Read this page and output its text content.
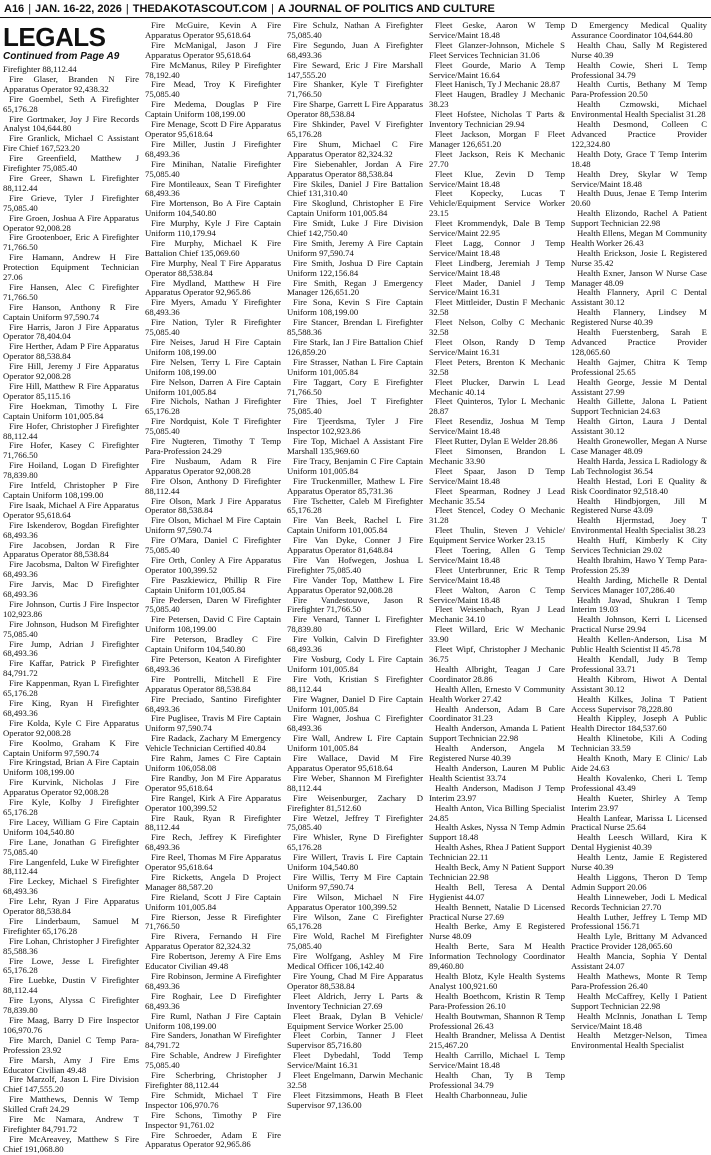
A16 | JAN. 16-22, 2026 | THEDAKOTASCOUT.COM | A JOURNAL OF POLITICS AND CULTURE
LEGALS
Continued from Page A9

Firefighter 88,112.44

Fire Glaser, Branden N Fire Apparatus Operator 92,438.32

Fire Goembel, Seth A Firefighter 65,176.28

Fire Gortmaker, Joy J Fire Records Analyst 104,644.80

Fire Granlick, Michael C Assistant Fire Chief 167,523.20

Fire Greenfield, Matthew J Firefighter 75,085.40

Fire Greer, Shawn L Firefighter 88,112.44

Fire Grieve, Tyler J Firefighter 75,085.40

Fire Groen, Joshua A Fire Apparatus Operator 92,008.28

Fire Grootenboer, Eric A Firefighter 71,766.50

Fire Hamann, Andrew H Fire Protection Equipment Technician 27.06

Fire Hansen, Alec C Firefighter 71,766.50

Fire Hanson, Anthony R Fire Captain Uniform 97,590.74

Fire Harris, Jaron J Fire Apparatus Operator 78,404.04

Fire Herther, Adam P Fire Apparatus Operator 88,538.84

Fire Hill, Jeremy J Fire Apparatus Operator 92,008.28

Fire Hill, Matthew R Fire Apparatus Operator 85,115.16

Fire Hoekman, Timothy L Fire Captain Uniform 101,005.84

Fire Hofer, Christopher J Firefighter 88,112.44

Fire Hofer, Kasey C Firefighter 71,766.50

Fire Hoiland, Logan D Firefighter 78,839.80

Fire Intfeld, Christopher P Fire Captain Uniform 108,199.00

Fire Isaak, Michael A Fire Apparatus Operator 95,618.64

Fire Iskenderov, Bogdan Firefighter 68,493.36

Fire Jacobsen, Jordan R Fire Apparatus Operator 88,538.84

Fire Jacobsma, Dalton W Firefighter 68,493.36

Fire Jarvis, Mac D Firefighter 68,493.36

Fire Johnson, Curtis J Fire Inspector 102,923.86

Fire Johnson, Hudson M Firefighter 75,085.40

Fire Jump, Adrian J Firefighter 68,493.36

Fire Kaffar, Patrick P Firefighter 84,791.72

Fire Kappenman, Ryan L Firefighter 65,176.28

Fire King, Ryan H Firefighter 68,493.36

Fire Kolda, Kyle C Fire Apparatus Operator 92,008.28

Fire Koolmo, Graham K Fire Captain Uniform 97,590.74

Fire Kringstad, Brian A Fire Captain Uniform 108,199.00

Fire Kurvink, Nicholas J Fire Apparatus Operator 92,008.28

Fire Kyle, Kolby J Firefighter 65,176.28

Fire Lacey, William G Fire Captain Uniform 104,540.80

Fire Lane, Jonathan G Firefighter 75,085.40

Fire Langenfeld, Luke W Firefighter 88,112.44

Fire Leckey, Michael S Firefighter 68,493.36

Fire Lehr, Ryan J Fire Apparatus Operator 88,538.84

Fire Linderbaum, Samuel M Firefighter 65,176.28

Fire Lohan, Christopher J Firefighter 85,588.36

Fire Lowe, Jesse L Firefighter 65,176.28

Fire Luebke, Dustin V Firefighter 88,112.44

Fire Lyons, Alyssa C Firefighter 78,839.80

Fire Maag, Barry D Fire Inspector 106,970.76

Fire March, Daniel C Temp Para-Profession 23.92

Fire Marsh, Amy J Fire Ems Educator Civilian 49.48

Fire Marzolf, Jason L Fire Division Chief 147,555.20

Fire Matthews, Dennis W Temp Skilled Craft 24.29

Fire Mc Namara, Andrew T Firefighter 84,791.72

Fire McAreavey, Matthew S Fire Chief 191,068.80

Fire McGuire, Kevin A Fire Apparatus Operator 95,618.64

Fire McManigal, Jason J Fire Apparatus Operator 95,618.64

Fire McManus, Riley P Firefighter 78,192.40

Fire Mead, Troy K Firefighter 75,085.40

Fire Medema, Douglas P Fire Captain Uniform 108,199.00

Fire Menage, Scott D Fire Apparatus Operator 95,618.64

Fire Miller, Justin J Firefighter 68,493.36

Fire Minihan, Natalie Firefighter 75,085.40

Fire Montileaux, Sean T Firefighter 68,493.36

Fire Mortenson, Bo A Fire Captain Uniform 104,540.80

Fire Murphy, Kyle J Fire Captain Uniform 110,179.94

Fire Murphy, Michael K Fire Battalion Chief 135,069.60

Fire Murphy, Neal T Fire Apparatus Operator 88,538.84

Fire Mydland, Matthew H Fire Apparatus Operator 92,965.86

Fire Myers, Amadu Y Firefighter 68,493.36

Fire Nation, Tyler R Firefighter 75,085.40

Fire Neises, Jarud H Fire Captain Uniform 108,199.00

Fire Nelsen, Terry L Fire Captain Uniform 108,199.00

Fire Nelson, Darren A Fire Captain Uniform 101,005.84

Fire Nichols, Nathan J Firefighter 65,176.28

Fire Nordquist, Kole T Firefighter 75,085.40

Fire Nugteren, Timothy T Temp Para-Profession 24.29

Fire Nusbaum, Adam R Fire Apparatus Operator 92,008.28

Fire Olson, Anthony D Firefighter 88,112.44

Fire Olson, Mark J Fire Apparatus Operator 88,538.84

Fire Olson, Michael M Fire Captain Uniform 97,590.74

Fire O'Mara, Daniel C Firefighter 75,085.40

Fire Orth, Conley A Fire Apparatus Operator 100,399.52

Fire Paszkiewicz, Phillip R Fire Captain Uniform 101,005.84

Fire Pedersen, Daren W Firefighter 75,085.40

Fire Petersen, David C Fire Captain Uniform 108,199.00

Fire Peterson, Bradley C Fire Captain Uniform 104,540.80

Fire Peterson, Keaton A Firefighter 68,493.36

Fire Pontrelli, Mitchell E Fire Apparatus Operator 88,538.84

Fire Preciado, Santino Firefighter 68,493.36

Fire Puglisee, Travis M Fire Captain Uniform 97,590.74

Fire Radack, Zachary M Emergency Vehicle Technician Certified 40.84

Fire Rahm, James C Fire Captain Uniform 106,058.08

Fire Randby, Jon M Fire Apparatus Operator 95,618.64

Fire Rangel, Kirk A Fire Apparatus Operator 100,399.52

Fire Rauk, Ryan R Firefighter 88,112.44

Fire Rech, Jeffrey K Firefighter 68,493.36

Fire Reel, Thomas M Fire Apparatus Operator 95,618.64

Fire Ricketts, Angela D Project Manager 88,587.20

Fire Rieland, Scott J Fire Captain Uniform 101,005.84

Fire Rierson, Jesse R Firefighter 71,766.50

Fire Rivera, Fernando H Fire Apparatus Operator 82,324.32

Fire Robertson, Jeremy A Fire Ems Educator Civilian 49.48

Fire Robinson, Jermine A Firefighter 68,493.36

Fire Roghair, Lee D Firefighter 68,493.36

Fire Ruml, Nathan J Fire Captain Uniform 108,199.00

Fire Sanders, Jonathan W Firefighter 84,791.72

Fire Schable, Andrew J Firefighter 75,085.40

Fire Scherbring, Christopher J Firefighter 88,112.44

Fire Schmidt, Michael T Fire Inspector 106,970.76

Fire Schons, Timothy P Fire Inspector 91,761.02

Fire Schroeder, Adam E Fire Apparatus Operator 92,965.86

Fire Schulz, Nathan A Firefighter 75,085.40

Fire Segundo, Juan A Firefighter 68,493.36

Fire Seward, Eric J Fire Marshall 147,555.20

Fire Shanker, Kyle T Firefighter 71,766.50

Fire Sharpe, Garrett L Fire Apparatus Operator 88,538.84

Fire Shkinder, Pavel V Firefighter 65,176.28

Fire Shum, Michael C Fire Apparatus Operator 82,324.32

Fire Siebenahler, Jordan A Fire Apparatus Operator 88,538.84

Fire Skiles, Daniel J Fire Battalion Chief 131,310.40

Fire Skoglund, Christopher E Fire Captain Uniform 101,005.84

Fire Smidt, Luke J Fire Division Chief 142,750.40

Fire Smith, Jeremy A Fire Captain Uniform 97,590.74

Fire Smith, Joshua D Fire Captain Uniform 122,156.84

Fire Smith, Regan J Emergency Manager 126,651.20

Fire Sona, Kevin S Fire Captain Uniform 108,199.00

Fire Stancer, Brendan L Firefighter 85,588.36

Fire Stark, Ian J Fire Battalion Chief 126,859.20

Fire Strasser, Nathan L Fire Captain Uniform 101,005.84

Fire Taggart, Cory E Firefighter 71,766.50

Fire Thies, Joel T Firefighter 75,085.40

Fire Tjeerdsma, Tyler J Fire Inspector 102,923.86

Fire Top, Michael A Assistant Fire Marshall 135,969.60

Fire Tracy, Benjamin C Fire Captain Uniform 101,005.84

Fire Truckenmiller, Mathew L Fire Apparatus Operator 85,731.36

Fire Tschetter, Caleb M Firefighter 65,176.28

Fire Van Beek, Rachel L Fire Captain Uniform 101,005.84

Fire Van Dyke, Conner J Fire Apparatus Operator 81,648.84

Fire Van Hofwegen, Joshua L Firefighter 75,085.40

Fire Vander Top, Matthew L Fire Apparatus Operator 92,008.28

Fire Vandestouwe, Jason R Firefighter 71,766.50

Fire Venard, Tanner L Firefighter 78,839.80

Fire Volkin, Calvin D Firefighter 68,493.36

Fire Vosburg, Cody L Fire Captain Uniform 101,005.84

Fire Voth, Kristian S Firefighter 88,112.44

Fire Wagner, Daniel D Fire Captain Uniform 101,005.84

Fire Wagner, Joshua C Firefighter 68,493.36

Fire Wall, Andrew L Fire Captain Uniform 101,005.84

Fire Wallace, David M Fire Apparatus Operator 95,618.64

Fire Weber, Shannon M Firefighter 88,112.44

Fire Weisenburger, Zachary D Firefighter 81,512.60

Fire Wetzel, Jeffrey T Firefighter 75,085.40

Fire Whisler, Ryne D Firefighter 65,176.28

Fire Willert, Travis L Fire Captain Uniform 104,540.80

Fire Willis, Terry M Fire Captain Uniform 97,590.74

Fire Wilson, Michael N Fire Apparatus Operator 100,399.52

Fire Wilson, Zane C Firefighter 65,176.28

Fire Wold, Rachel M Firefighter 75,085.40

Fire Wolfgang, Ashley M Fire Medical Officer 106,142.40

Fire Young, Chad M Fire Apparatus Operator 88,538.84

Fleet Aldrich, Jerry L Parts & Inventory Technician 27.69

Fleet Braak, Dylan B Vehicle/ Equipment Service Worker 25.00

Fleet Corbin, Tanner J Fleet Supervisor 85,716.80

Fleet Dybedahl, Todd Temp Service/Maint 16.31

Fleet Engelmann, Darwin Mechanic 32.58

Fleet Fitzsimmons, Heath B Fleet Supervisor 97,136.00

Fleet Geske, Aaron W Temp Service/Maint 18.48

Fleet Glanzer-Johnson, Michele S Fleet Services Technician 31.06

Fleet Gourde, Mario A Temp Service/Maint 16.64

Fleet Hanisch, Ty J Mechanic 28.87

Fleet Haugen, Bradley J Mechanic 38.23

Fleet Hofstee, Nicholas T Parts & Inventory Technician 29.94

Fleet Jackson, Morgan F Fleet Manager 126,651.20

Fleet Jackson, Reis K Mechanic 27.70

Fleet Klue, Zevin D Temp Service/Maint 18.48

Fleet Kopecky, Lucas T Vehicle/Equipment Service Worker 23.15

Fleet Krommendyk, Dale B Temp Service/Maint 22.95

Fleet Lagg, Connor J Temp Service/Maint 18.48

Fleet Lindberg, Jeremiah J Temp Service/Maint 18.48

Fleet Mader, Daniel J Temp Service/Maint 16.31

Fleet Mittleider, Dustin F Mechanic 32.58

Fleet Nelson, Colby C Mechanic 32.58

Fleet Olson, Randy D Temp Service/Maint 16.31

Fleet Peters, Brenton K Mechanic 32.58

Fleet Plucker, Darwin L Lead Mechanic 40.14

Fleet Quinteros, Tylor L Mechanic 28.87

Fleet Resendiz, Joshua M Temp Service/Maint 18.48

Fleet Rutter, Dylan E Welder 28.86

Fleet Simonsen, Brandon L Mechanic 33.90

Fleet Spaar, Jason D Temp Service/Maint 18.48

Fleet Spearman, Rodney J Lead Mechanic 35.54

Fleet Stencel, Codey O Mechanic 31.28

Fleet Thulin, Steven J Vehicle/ Equipment Service Worker 23.15

Fleet Toering, Allen G Temp Service/Maint 18.48

Fleet Unterbrunner, Eric R Temp Service/Maint 18.48

Fleet Walton, Aaron C Temp Service/Maint 18.48

Fleet Weisenbach, Ryan J Lead Mechanic 34.10

Fleet Willard, Eric W Mechanic 33.90

Fleet Wipf, Christopher J Mechanic 36.75

Health Albright, Teagan J Care Coordinator 28.86

Health Allen, Ernesto V Community Health Worker 27.42

Health Anderson, Adam B Care Coordinator 31.23

Health Anderson, Amanda L Patient Support Technician 22.98

Health Anderson, Angela M Registered Nurse 40.39

Health Anderson, Lauren M Public Health Scientist 33.74

Health Anderson, Madison J Temp Interim 23.97

Health Anton, Vica Billing Specialist 24.85

Health Askes, Nyssa N Temp Admin Support 18.48

Health Ashes, Rhea J Patient Support Technician 22.11

Health Beck, Amy N Patient Support Technician 22.98

Health Bell, Teresa A Dental Hygienist 44.07

Health Bennett, Natalie D Licensed Practical Nurse 27.69

Health Berke, Amy E Registered Nurse 48.09

Health Berte, Sara M Health Information Technology Coordinator 89,460.80

Health Blotz, Kyle Health Systems Analyst 100,921.60

Health Boethcom, Kristin R Temp Para-Profession 26.10

Health Boutwman, Shannon R Temp Professional 26.43

Health Brandner, Melissa A Dentist 215,467.20

Health Carrillo, Michael L Temp Service/Maint 18.48

Health Chan, Ty B Temp Professional 34.79

Health Charbonneau, Julie

D Emergency Medical Quality Assurance Coordinator 104,644.80

Health Chau, Sally M Registered Nurse 40.39

Health Cowie, Sheri L Temp Professional 34.79

Health Curtis, Bethany M Temp Para-Profession 20.50

Health Czmowski, Michael Environmental Health Specialist 31.28

Health Desmond, Colleen C Advanced Practice Provider 122,324.80

Health Doty, Grace T Temp Interim 18.48

Health Drey, Skylar W Temp Service/Maint 18.48

Health Duus, Jenae E Temp Interim 20.60

Health Elizondo, Rachel A Patient Support Technician 22.98

Health Ellens, Megan M Community Health Worker 26.43

Health Erickson, Josie L Registered Nurse 35.42

Health Exner, Janson W Nurse Case Manager 48.09

Health Flannery, April C Dental Assistant 30.12

Health Flannery, Lindsey M Registered Nurse 40.39

Health Fuerstenberg, Sarah E Advanced Practice Provider 128,065.60

Health Gajmer, Chitra K Temp Professional 25.65

Health George, Jessie M Dental Assistant 27.99

Health Gillette, Jalona L Patient Support Technician 24.63

Health Girton, Laura J Dental Assistant 30.12

Health Gronewoller, Megan A Nurse Case Manager 48.09

Health Harda, Jessica L Radiology & Lab Technologist 36.54

Health Hestad, Lori E Quality & Risk Coordinator 92,518.40

Health Hindbjorgen, Jill M Registered Nurse 43.09

Health Hjermstad, Joey T Environmental Health Specialist 38.23

Health Huff, Kimberly K City Services Technician 29.02

Health Ibrahim, Hawo Y Temp Para-Profession 25.39

Health Jarding, Michelle R Dental Services Manager 107,286.40

Health Jawad, Shukran I Temp Interim 19.03

Health Johnson, Kerri L Licensed Practical Nurse 29.94

Health Kellen-Anderson, Lisa M Public Health Scientist II 45.78

Health Kendall, Judy B Temp Professional 33.71

Health Kibrom, Hiwot A Dental Assistant 30.12

Health Kilkes, Jolina T Patient Access Supervisor 78,228.80

Health Kippley, Joseph A Public Health Director 184,537.60

Health Klinetobe, Kili A Coding Technician 33.59

Health Knoth, Mary E Clinic/ Lab Aide 24.63

Health Kovalenko, Cheri L Temp Professional 43.49

Health Kueter, Shirley A Temp Interim 23.97

Health Lanfear, Marissa L Licensed Practical Nurse 25.64

Health Leesch Willard, Kira K Dental Hygienist 40.39

Health Lentz, Jamie E Registered Nurse 40.39

Health Liggons, Theron D Temp Admin Support 20.06

Health Linneweber, Jodi L Medical Records Technician 27.70

Health Luther, Jeffrey L Temp MD Professional 156.71

Health Lyle, Brittany M Advanced Practice Provider 128,065.60

Health Mancia, Sophia Y Dental Assistant 24.07

Health Mathews, Monte R Temp Para-Profession 26.40

Health McCaffrey, Kelly I Patient Support Technician 22.98

Health McInnis, Jonathan L Temp Service/Maint 18.48

Health Metzger-Nelson, Timea Environmental Health Specialist
